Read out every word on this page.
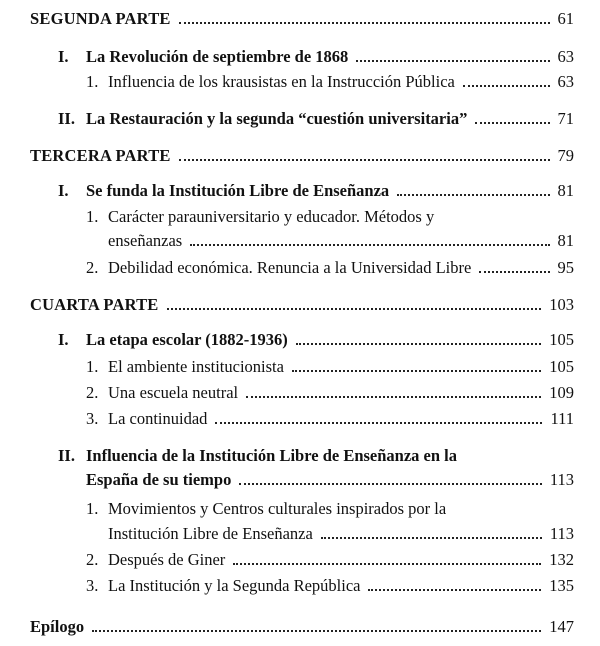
SEGUNDA PARTE	61
I.	La Revolución de septiembre de 1868	63
1. Influencia de los krausistas en la Instrucción Pública	63
II. La Restauración y la segunda “cuestión universitaria”	71
TERCERA PARTE	79
I.	Se funda la Institución Libre de Enseñanza	81
1. Carácter parauniversitario y educador. Métodos y
enseñanzas	81
2. Debilidad económica. Renuncia a la Universidad Libre	95
CUARTA PARTE	103
I.	La etapa escolar (1882-1936)	105
1. El ambiente institucionista	105
2. Una escuela neutral	109
3. La continuidad	111
II. Influencia de la Institución Libre de Enseñanza en la
España de su tiempo	113
1. Movimientos y Centros culturales inspirados por la
Institución Libre de Enseñanza	113
2. Después de Giner	132
3. La Institución y la Segunda República	135
Epílogo	147
